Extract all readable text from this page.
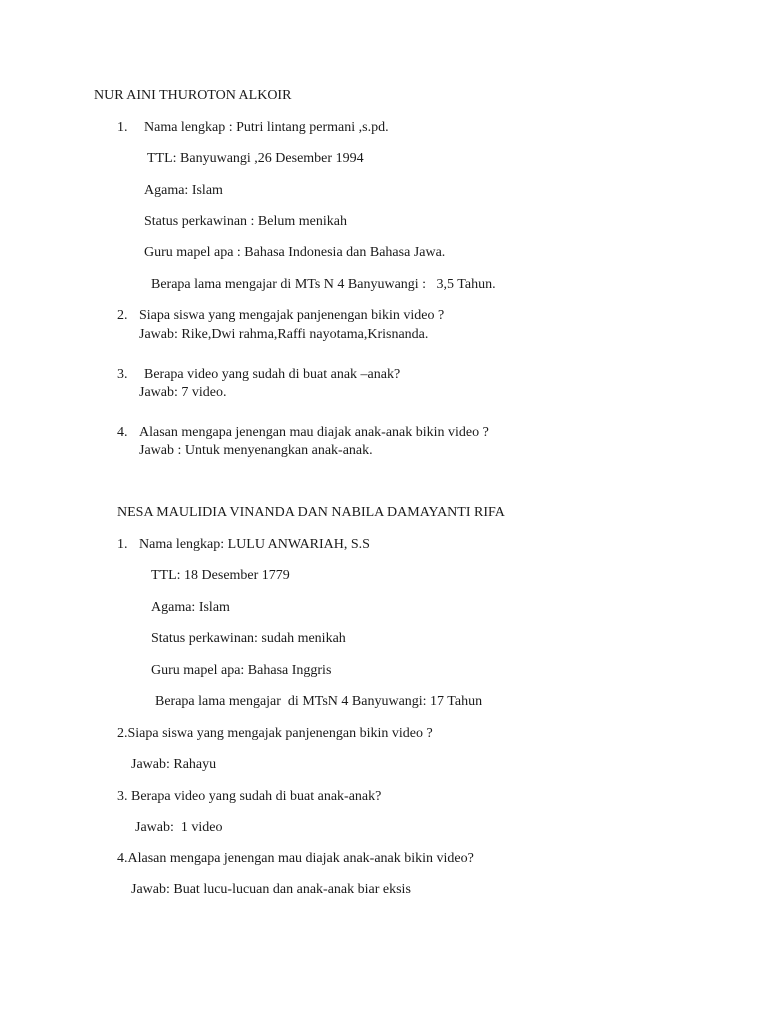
NUR AINI THUROTON ALKOIR

1. Nama lengkap : Putri lintang permani ,s.pd.

TTL: Banyuwangi ,26 Desember 1994

Agama: Islam

Status perkawinan : Belum menikah

Guru mapel apa : Bahasa Indonesia dan Bahasa Jawa.

Berapa lama mengajar di MTs N 4 Banyuwangi :   3,5 Tahun.

2. Siapa siswa yang mengajak panjenengan bikin video ?

Jawab: Rike,Dwi rahma,Raffi nayotama,Krisnanda.

3. Berapa video yang sudah di buat anak –anak?

Jawab: 7 video.

4. Alasan mengapa jenengan mau diajak anak-anak bikin video ?

Jawab : Untuk menyenangkan anak-anak.

NESA MAULIDIA VINANDA DAN NABILA DAMAYANTI RIFA

1. Nama lengkap: LULU ANWARIAH, S.S

TTL: 18 Desember 1779

Agama: Islam

Status perkawinan: sudah menikah

Guru mapel apa: Bahasa Inggris

Berapa lama mengajar  di MTsN 4 Banyuwangi: 17 Tahun

2.Siapa siswa yang mengajak panjenengan bikin video ?

Jawab: Rahayu

3. Berapa video yang sudah di buat anak-anak?

Jawab:  1 video

4.Alasan mengapa jenengan mau diajak anak-anak bikin video?

Jawab: Buat lucu-lucuan dan anak-anak biar eksis
